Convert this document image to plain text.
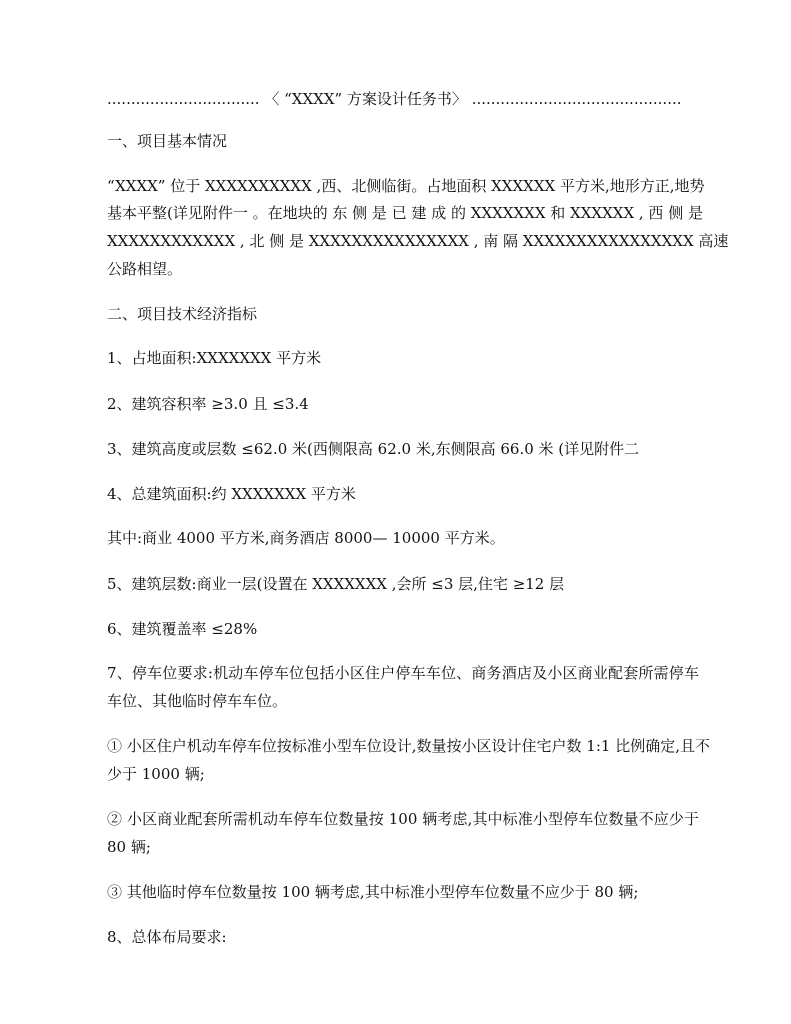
................................ 〈 “XXXX” 方案设计任务书〉 ............................................
一、项目基本情况
“XXXX” 位于 XXXXXXXXXX ,西、北侧临街。占地面积 XXXXXX 平方米,地形方正,地势
基本平整(详见附件一 。在地块的 东 侧 是 已 建 成 的 XXXXXXX 和 XXXXXX , 西 侧 是
XXXXXXXXXXXX , 北 侧 是 XXXXXXXXXXXXXXX , 南 隔 XXXXXXXXXXXXXXXX 高速
公路相望。
二、项目技术经济指标
1、占地面积:XXXXXXX 平方米
2、建筑容积率 ≥3.0 且 ≤3.4
3、建筑高度或层数 ≤62.0 米(西侧限高 62.0 米,东侧限高 66.0 米 (详见附件二
4、总建筑面积:约 XXXXXXX 平方米
其中:商业 4000 平方米,商务酒店 8000— 10000 平方米。
5、建筑层数:商业一层(设置在 XXXXXXX ,会所 ≤3 层,住宅 ≥12 层
6、建筑覆盖率 ≤28%
7、停车位要求:机动车停车位包括小区住户停车车位、商务酒店及小区商业配套所需停车
车位、其他临时停车车位。
① 小区住户机动车停车位按标准小型车位设计,数量按小区设计住宅户数 1:1 比例确定,且不
少于 1000 辆;
② 小区商业配套所需机动车停车位数量按 100 辆考虑,其中标准小型停车位数量不应少于
80 辆;
③ 其他临时停车位数量按 100 辆考虑,其中标准小型停车位数量不应少于 80 辆;
8、总体布局要求:
